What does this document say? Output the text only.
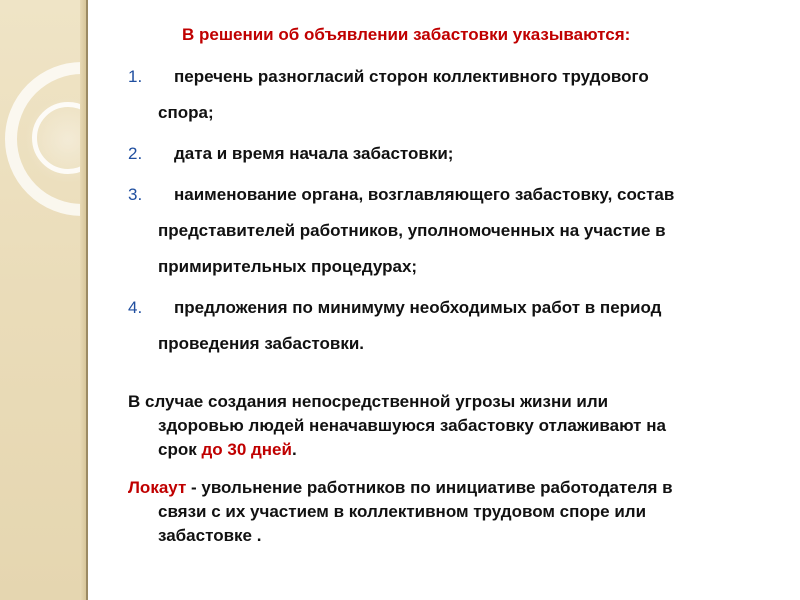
В решении об объявлении забастовки указываются:
1.	перечень разногласий сторон коллективного трудового
спора;
2.	дата и время начала забастовки;
3.	наименование органа, возглавляющего забастовку, состав
представителей работников, уполномоченных на участие в
примирительных процедурах;
4.	предложения по минимуму необходимых работ в период
проведения забастовки.

В случае создания непосредственной угрозы жизни или
здоровью людей неначавшуюся забастовку отлаживают на
срок до 30 дней.

Локаут - увольнение работников по инициативе работодателя в
связи с их участием в коллективном трудовом споре или
забастовке .
